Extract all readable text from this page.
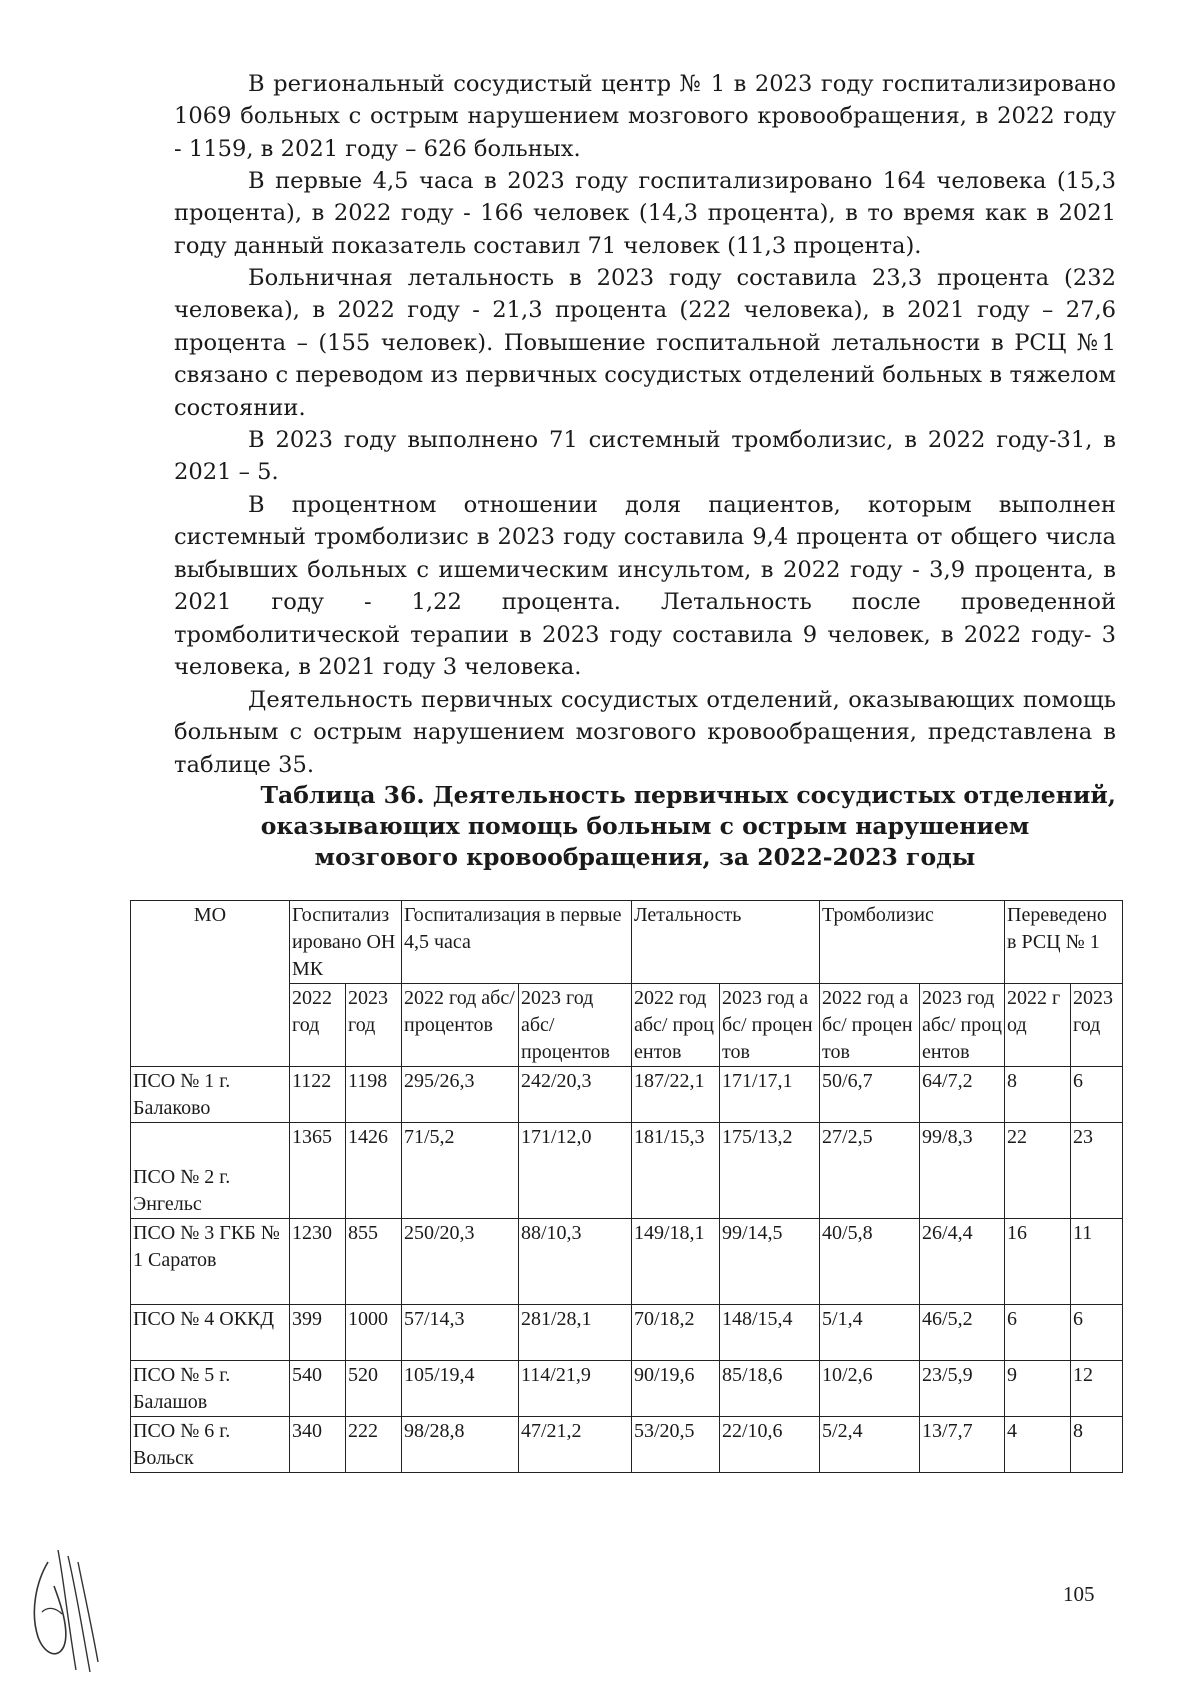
В региональный сосудистый центр № 1 в 2023 году госпитализировано 1069 больных с острым нарушением мозгового кровообращения, в 2022 году - 1159, в 2021 году – 626 больных.

В первые 4,5 часа в 2023 году госпитализировано 164 человека (15,3 процента), в 2022 году - 166 человек (14,3 процента), в то время как в 2021 году данный показатель составил 71 человек (11,3 процента).

Больничная летальность в 2023 году составила 23,3 процента (232 человека), в 2022 году - 21,3 процента (222 человека), в 2021 году – 27,6 процента – (155 человек). Повышение госпитальной летальности в РСЦ №1 связано с переводом из первичных сосудистых отделений больных в тяжелом состоянии.

В 2023 году выполнено 71 системный тромболизис, в 2022 году-31, в 2021 – 5.

В процентном отношении доля пациентов, которым выполнен системный тромболизис в 2023 году составила 9,4 процента от общего числа выбывших больных с ишемическим инсультом, в 2022 году - 3,9 процента, в 2021 году - 1,22 процента. Летальность после проведенной тромболитической терапии в 2023 году составила 9 человек, в 2022 году- 3 человека, в 2021 году 3 человека.

Деятельность первичных сосудистых отделений, оказывающих помощь больным с острым нарушением мозгового кровообращения, представлена в таблице 35.

Таблица 36. Деятельность первичных сосудистых отделений,
оказывающих помощь больным с острым нарушением
мозгового кровообращения, за 2022-2023 годы
МО	Госпитализировано ОНМК		Госпитализация в первые 4,5 часа		Летальность		Тромболизис		Переведено в РСЦ № 1	
	2022 год	2023 год	2022 год абс/ процентов	2023 год абс/ процентов	2022 год абс/ процентов	2023 год абс/ процентов	2022 год абс/ процентов	2023 год абс/ процентов	2022 год	2023 год
ПСО № 1 г. Балаково	1122	1198	295/26,3	242/20,3	187/22,1	171/17,1	50/6,7	64/7,2	8	6
ПСО № 2 г. Энгельс	1365	1426	71/5,2	171/12,0	181/15,3	175/13,2	27/2,5	99/8,3	22	23
ПСО № 3 ГКБ № 1 Саратов	1230	855	250/20,3	88/10,3	149/18,1	99/14,5	40/5,8	26/4,4	16	11
ПСО № 4 ОККД	399	1000	57/14,3	281/28,1	70/18,2	148/15,4	5/1,4	46/5,2	6	6
ПСО № 5 г. Балашов	540	520	105/19,4	114/21,9	90/19,6	85/18,6	10/2,6	23/5,9	9	12
ПСО № 6 г. Вольск	340	222	98/28,8	47/21,2	53/20,5	22/10,6	5/2,4	13/7,7	4	8
105
